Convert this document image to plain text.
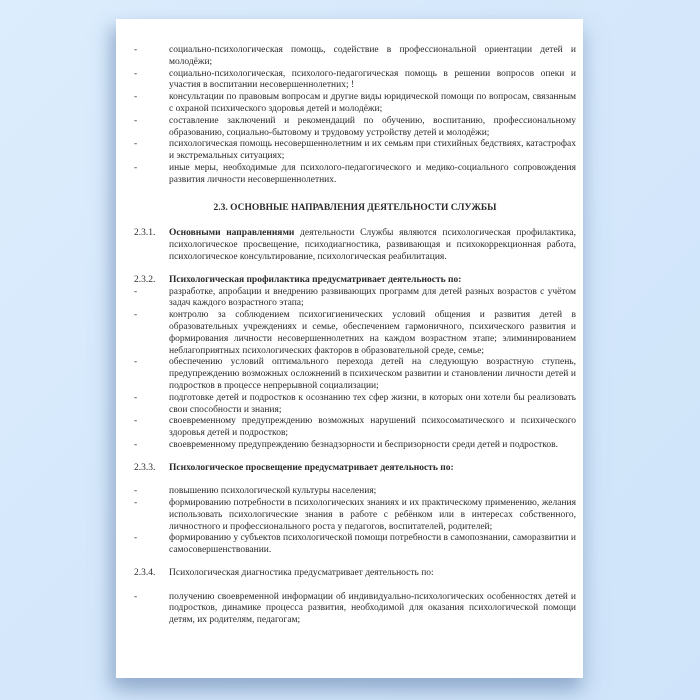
-	социально-психологическая помощь, содействие в профессиональной ориентации детей и молодёжи;
-	социально-психологическая, психолого-педагогическая помощь в решении вопросов опеки и участия в воспитании несовершеннолетних; !
-	консультации по правовым вопросам и другие виды юридической помощи по вопросам, связанным с охраной психического здоровья детей и молодёжи;
-	составление заключений и рекомендаций по обучению, воспитанию, профессиональному образованию, социально-бытовому и трудовому устройству детей и молодёжи;
-	психологическая помощь несовершеннолетним и их семьям при стихийных бедствиях, катастрофах и экстремальных ситуациях;
-	иные меры, необходимые для психолого-педагогического и медико-социального сопровождения развития личности несовершеннолетних.
2.3. ОСНОВНЫЕ НАПРАВЛЕНИЯ ДЕЯТЕЛЬНОСТИ СЛУЖБЫ
2.3.1.	Основными направлениями деятельности Службы являются психологическая профилактика, психологическое просвещение, психодиагностика, развивающая и психокоррекционная работа, психологическое консультирование, психологическая реабилитация.
2.3.2.	Психологическая профилактика предусматривает деятельность по:
-	разработке, апробации и внедрению развивающих программ для детей разных возрастов с учётом задач каждого возрастного этапа;
-	контролю за соблюдением психогигиенических условий общения и развития детей в образовательных учреждениях и семье, обеспечением гармоничного, психического развития и формирования личности несовершеннолетних на каждом возрастном этапе; элиминированием неблагоприятных психологических факторов в образовательной среде, семье;
-	обеспечению условий оптимального перехода детей на следующую возрастную ступень, предупреждению возможных осложнений в психическом развитии и становлении личности детей и подростков в процессе непрерывной социализации;
-	подготовке детей и подростков к осознанию тех сфер жизни, в которых они хотели бы реализовать свои способности и знания;
-	своевременному предупреждению возможных нарушений психосоматического и психического здоровья детей и подростков;
-	своевременному предупреждению безнадзорности и беспризорности среди детей и подростков.
2.3.3.	Психологическое просвещение предусматривает деятельность по:
-	повышению психологической культуры населения;
-	формированию потребности в психологических знаниях и их практическому применению, желания использовать психологические знания в работе с ребёнком или в интересах собственного, личностного и профессионального роста у педагогов, воспитателей, родителей;
-	формированию у субъектов психологической помощи потребности в самопознании, саморазвитии и самосовершенствовании.
2.3.4.	Психологическая диагностика предусматривает деятельность по:
-	получению своевременной информации об индивидуально-психологических особенностях детей и подростков, динамике процесса развития, необходимой для оказания психологической помощи детям, их родителям, педагогам;
